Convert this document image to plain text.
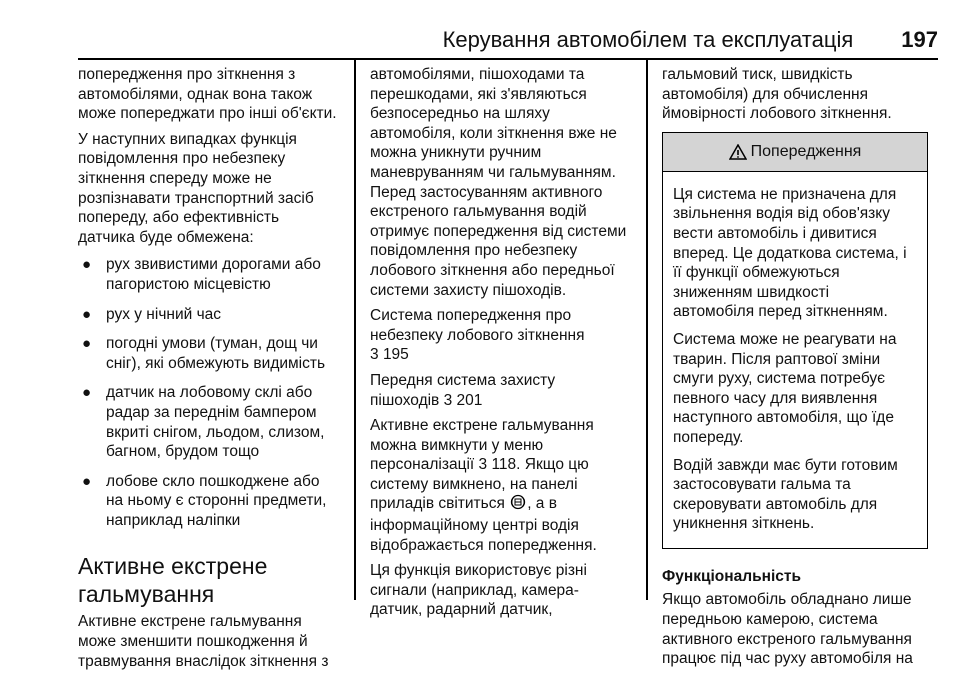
Керування автомобілем та експлуатація 197

попередження про зіткнення з
автомобілями, однак вона також
може попереджати про інші об'єкти.

У наступних випадках функція
повідомлення про небезпеку
зіткнення спереду може не
розпізнавати транспортний засіб
попереду, або ефективність
датчика буде обмежена:

● рух звивистими дорогами або
пагористою місцевістю
● рух у нічний час
● погодні умови (туман, дощ чи
сніг), які обмежують видимість
● датчик на лобовому склі або
радар за переднім бампером
вкриті снігом, льодом, слизом,
багном, брудом тощо
● лобове скло пошкоджене або
на ньому є сторонні предмети,
наприклад наліпки
Активне екстрене
гальмування

Активне екстрене гальмування
може зменшити пошкодження й
травмування внаслідок зіткнення з

автомобілями, пішоходами та
перешкодами, які з'являються
безпосередньо на шляху
автомобіля, коли зіткнення вже не
можна уникнути ручним
маневруванням чи гальмуванням.
Перед застосуванням активного
екстреного гальмування водій
отримує попередження від системи
повідомлення про небезпеку
лобового зіткнення або передньої
системи захисту пішоходів.

Система попередження про
небезпеку лобового зіткнення
3 195

Передня система захисту
пішоходів 3 201

Активне екстрене гальмування
можна вимкнути у меню
персоналізації 3 118. Якщо цю
систему вимкнено, на панелі
приладів світиться , а в
інформаційному центрі водія
відображається попередження.

Ця функція використовує різні
сигнали (наприклад, камера-
датчик, радарний датчик,

гальмовий тиск, швидкість
автомобіля) для обчислення
ймовірності лобового зіткнення.

Попередження

Ця система не призначена для
звільнення водія від обов'язку
вести автомобіль і дивитися
вперед. Це додаткова система, і
її функції обмежуються
зниженням швидкості
автомобіля перед зіткненням.

Система може не реагувати на
тварин. Після раптової зміни
смуги руху, система потребує
певного часу для виявлення
наступного автомобіля, що їде
попереду.

Водій завжди має бути готовим
застосовувати гальма та
скеровувати автомобіль для
уникнення зіткнень.

Функціональність

Якщо автомобіль обладнано лише
передньою камерою, система
активного екстреного гальмування
працює під час руху автомобіля на
